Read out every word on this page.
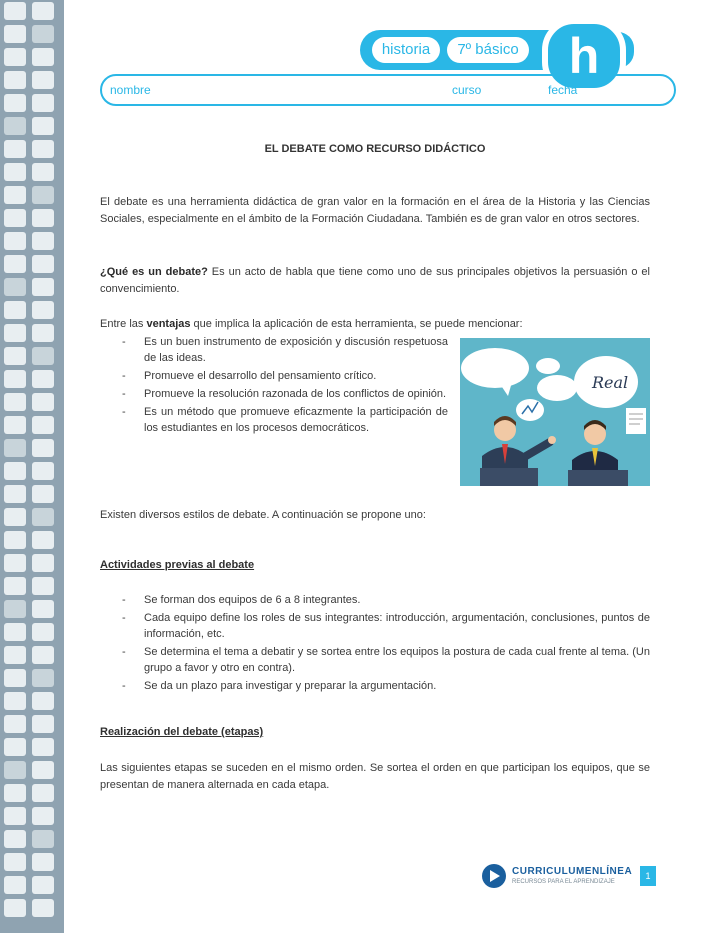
historia	7º básico	h
nombre	curso	fecha
EL DEBATE COMO RECURSO DIDÁCTICO

El debate es una herramienta didáctica de gran valor en la formación en el área de la Historia y las Ciencias Sociales, especialmente en el ámbito de la Formación Ciudadana. También es de gran valor en otros sectores.

¿Qué es un debate? Es un acto de habla que tiene como uno de sus principales objetivos la persuasión o el convencimiento.

Entre las ventajas que implica la aplicación de esta herramienta, se puede mencionar:

- Es un buen instrumento de exposición y discusión respetuosa de las ideas.
- Promueve el desarrollo del pensamiento crítico.
- Promueve la resolución razonada de los conflictos de opinión.
- Es un método que promueve eficazmente la participación de los estudiantes en los procesos democráticos.
Real

Existen diversos estilos de debate. A continuación se propone uno:

Actividades previas al debate
- Se forman dos equipos de 6 a 8 integrantes.
- Cada equipo define los roles de sus integrantes: introducción, argumentación, conclusiones, puntos de información, etc.
- Se determina el tema a debatir y se sortea entre los equipos la postura de cada cual frente al tema. (Un grupo a favor y otro en contra).
- Se da un plazo para investigar y preparar la argumentación.
Realización del debate (etapas)

Las siguientes etapas se suceden en el mismo orden. Se sortea el orden en que participan los equipos, que se presentan de manera alternada en cada etapa.

CURRICULUMENLÍNEA
RECURSOS PARA EL APRENDIZAJE
1
